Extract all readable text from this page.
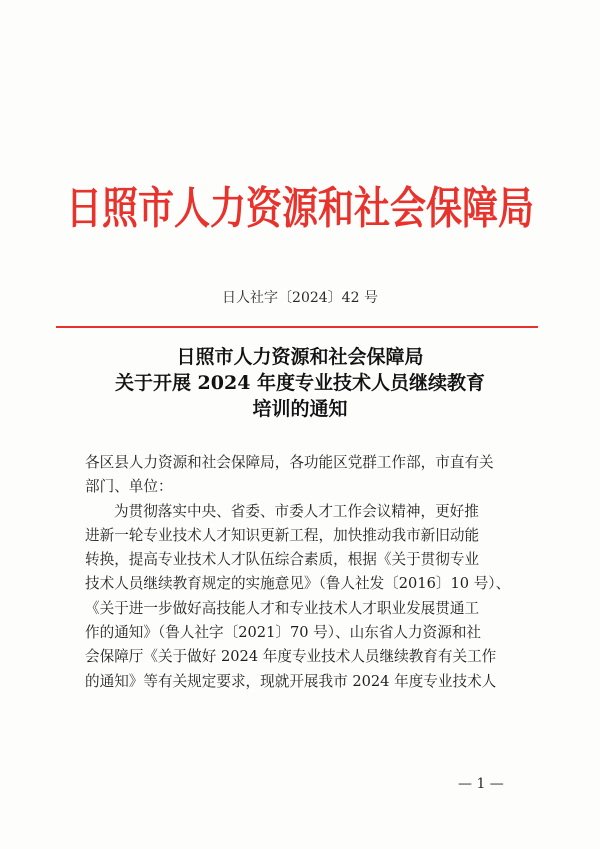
日照市人力资源和社会保障局
日人社字〔2024〕42 号
日照市人力资源和社会保障局
关于开展 2024 年度专业技术人员继续教育
培训的通知
各区县人力资源和社会保障局，各功能区党群工作部，市直有关
部门、单位：
为贯彻落实中央、省委、市委人才工作会议精神，更好推
进新一轮专业技术人才知识更新工程，加快推动我市新旧动能
转换，提高专业技术人才队伍综合素质，根据《关于贯彻专业
技术人员继续教育规定的实施意见》（鲁人社发〔2016〕10 号）、
《关于进一步做好高技能人才和专业技术人才职业发展贯通工
作的通知》（鲁人社字〔2021〕70 号）、山东省人力资源和社
会保障厅《关于做好 2024 年度专业技术人员继续教育有关工作
的通知》等有关规定要求，现就开展我市 2024 年度专业技术人
— 1 —
